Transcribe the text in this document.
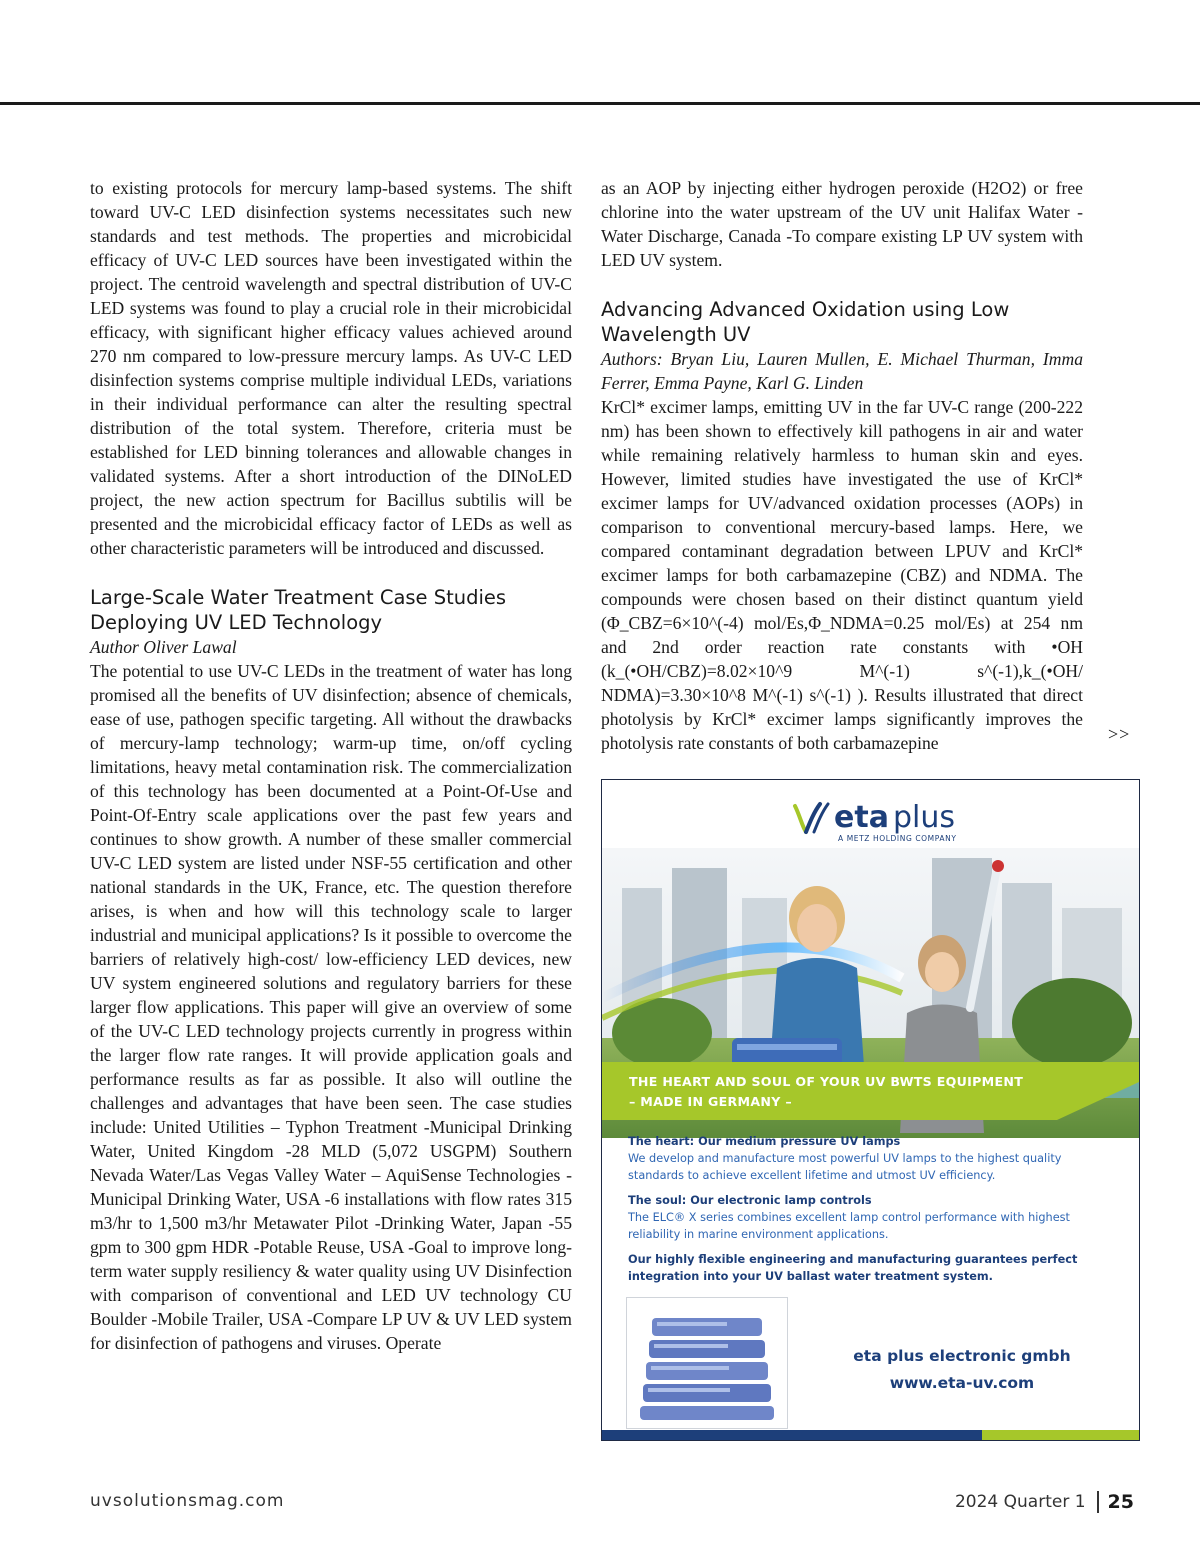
to existing protocols for mercury lamp-based systems. The shift toward UV-C LED disinfection systems necessitates such new standards and test methods. The properties and microbicidal efficacy of UV-C LED sources have been investigated within the project. The centroid wavelength and spectral distribution of UV-C LED systems was found to play a crucial role in their microbicidal efficacy, with significant higher efficacy values achieved around 270 nm compared to low-pressure mercury lamps. As UV-C LED disinfection systems comprise multiple individual LEDs, variations in their individual performance can alter the resulting spectral distribution of the total system. Therefore, criteria must be established for LED binning tolerances and allowable changes in validated systems. After a short introduction of the DINoLED project, the new action spectrum for Bacillus subtilis will be presented and the microbicidal efficacy factor of LEDs as well as other characteristic parameters will be introduced and discussed.

Large-Scale Water Treatment Case Studies Deploying UV LED Technology

Author Oliver Lawal

The potential to use UV-C LEDs in the treatment of water has long promised all the benefits of UV disinfection; absence of chemicals, ease of use, pathogen specific targeting. All without the drawbacks of mercury-lamp technology; warm-up time, on/off cycling limitations, heavy metal contamination risk. The commercialization of this technology has been documented at a Point-Of-Use and Point-Of-Entry scale applications over the past few years and continues to show growth. A number of these smaller commercial UV-C LED system are listed under NSF-55 certification and other national standards in the UK, France, etc. The question therefore arises, is when and how will this technology scale to larger industrial and municipal applications? Is it possible to overcome the barriers of relatively high-cost/ low-efficiency LED devices, new UV system engineered solutions and regulatory barriers for these larger flow applications. This paper will give an overview of some of the UV-C LED technology projects currently in progress within the larger flow rate ranges. It will provide application goals and performance results as far as possible. It also will outline the challenges and advantages that have been seen. The case studies include: United Utilities – Typhon Treatment -Municipal Drinking Water, United Kingdom -28 MLD (5,072 USGPM) Southern Nevada Water/Las Vegas Valley Water – AquiSense Technologies -Municipal Drinking Water, USA -6 installations with flow rates 315 m3/hr to 1,500 m3/hr Metawater Pilot -Drinking Water, Japan -55 gpm to 300 gpm HDR -Potable Reuse, USA -Goal to improve long-term water supply resiliency & water quality using UV Disinfection with comparison of conventional and LED UV technology CU Boulder -Mobile Trailer, USA -Compare LP UV & UV LED system for disinfection of pathogens and viruses. Operate

as an AOP by injecting either hydrogen peroxide (H2O2) or free chlorine into the water upstream of the UV unit Halifax Water -Water Discharge, Canada -To compare existing LP UV system with LED UV system.

Advancing Advanced Oxidation using Low Wavelength UV

Authors: Bryan Liu, Lauren Mullen, E. Michael Thurman, Imma Ferrer, Emma Payne, Karl G. Linden

KrCl* excimer lamps, emitting UV in the far UV-C range (200-222 nm) has been shown to effectively kill pathogens in air and water while remaining relatively harmless to human skin and eyes. However, limited studies have investigated the use of KrCl* excimer lamps for UV/advanced oxidation processes (AOPs) in comparison to conventional mercury-based lamps. Here, we compared contaminant degradation between LPUV and KrCl* excimer lamps for both carbamazepine (CBZ) and NDMA. The compounds were chosen based on their distinct quantum yield (Φ_CBZ=6×10^(-4) mol/Es,Φ_NDMA=0.25 mol/Es) at 254 nm and 2nd order reaction rate constants with •OH (k_(•OH/CBZ)=8.02×10^9 M^(-1) s^(-1),k_(•OH/ NDMA)=3.30×10^8 M^(-1) s^(-1) ). Results illustrated that direct photolysis by KrCl* excimer lamps significantly improves the photolysis rate constants of both carbamazepine	>>
eta plus
A METZ HOLDING COMPANY
THE HEART AND SOUL OF YOUR UV BWTS EQUIPMENT
– MADE IN GERMANY –

The heart: Our medium pressure UV lamps

We develop and manufacture most powerful UV lamps to the highest quality standards to achieve excellent lifetime and utmost UV efficiency.

The soul: Our electronic lamp controls

The ELC® X series combines excellent lamp control performance with highest reliability in marine environment applications.

Our highly flexible engineering and manufacturing guarantees perfect integration into your UV ballast water treatment system.

eta plus electronic gmbh
www.eta-uv.com
uvsolutionsmag.com	2024 Quarter 1 25
